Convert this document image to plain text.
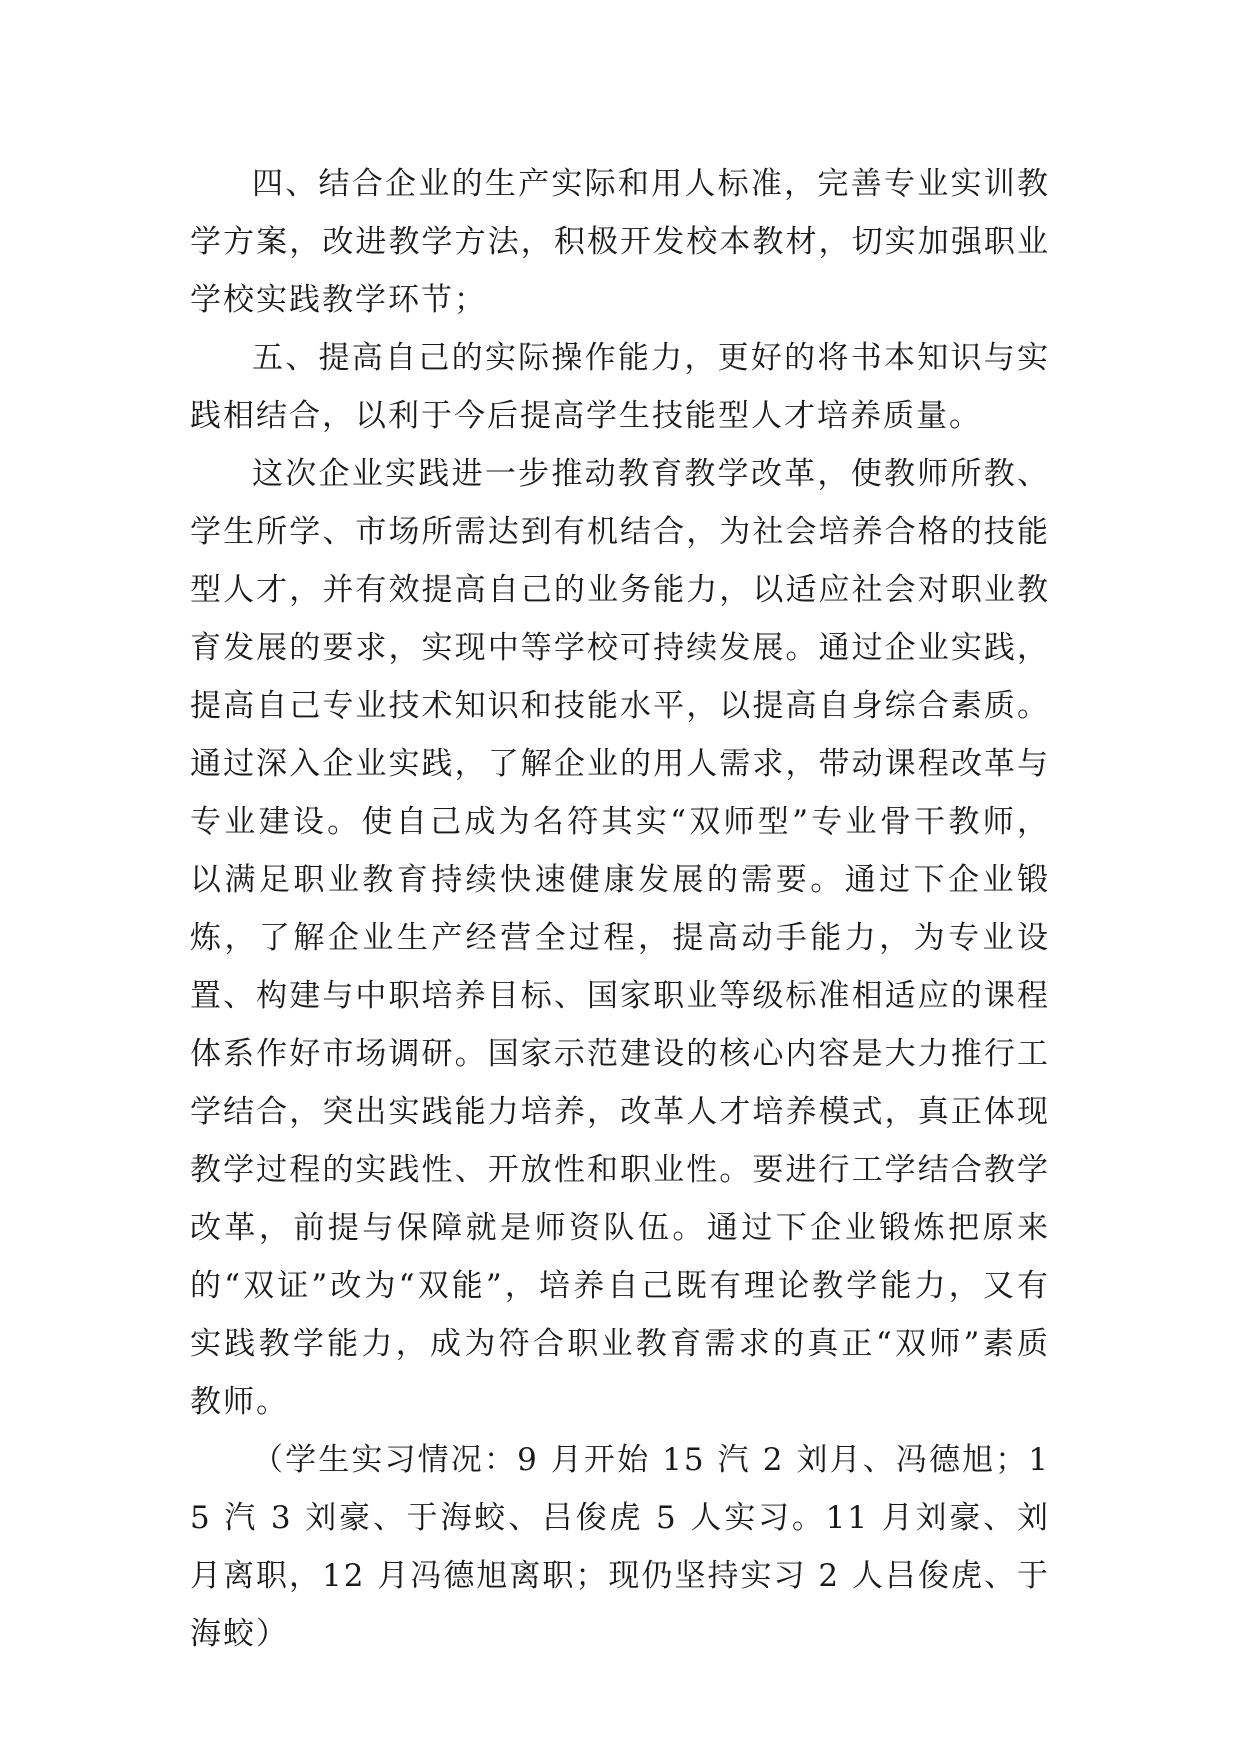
四、结合企业的生产实际和用人标准，完善专业实训教学方案，改进教学方法，积极开发校本教材，切实加强职业学校实践教学环节；

五、提高自己的实际操作能力，更好的将书本知识与实践相结合，以利于今后提高学生技能型人才培养质量。

这次企业实践进一步推动教育教学改革，使教师所教、学生所学、市场所需达到有机结合，为社会培养合格的技能型人才，并有效提高自己的业务能力，以适应社会对职业教育发展的要求，实现中等学校可持续发展。通过企业实践，提高自己专业技术知识和技能水平，以提高自身综合素质。通过深入企业实践，了解企业的用人需求，带动课程改革与专业建设。使自己成为名符其实“双师型”专业骨干教师，以满足职业教育持续快速健康发展的需要。通过下企业锻炼，了解企业生产经营全过程，提高动手能力，为专业设置、构建与中职培养目标、国家职业等级标准相适应的课程体系作好市场调研。国家示范建设的核心内容是大力推行工学结合，突出实践能力培养，改革人才培养模式，真正体现教学过程的实践性、开放性和职业性。要进行工学结合教学改革，前提与保障就是师资队伍。通过下企业锻炼把原来的“双证”改为“双能”，培养自己既有理论教学能力，又有实践教学能力，成为符合职业教育需求的真正“双师”素质教师。

（学生实习情况：9 月开始 15 汽 2 刘月、冯德旭；15 汽 3 刘豪、于海蛟、吕俊虎 5 人实习。11 月刘豪、刘月离职，12 月冯德旭离职；现仍坚持实习 2 人吕俊虎、于海蛟）
